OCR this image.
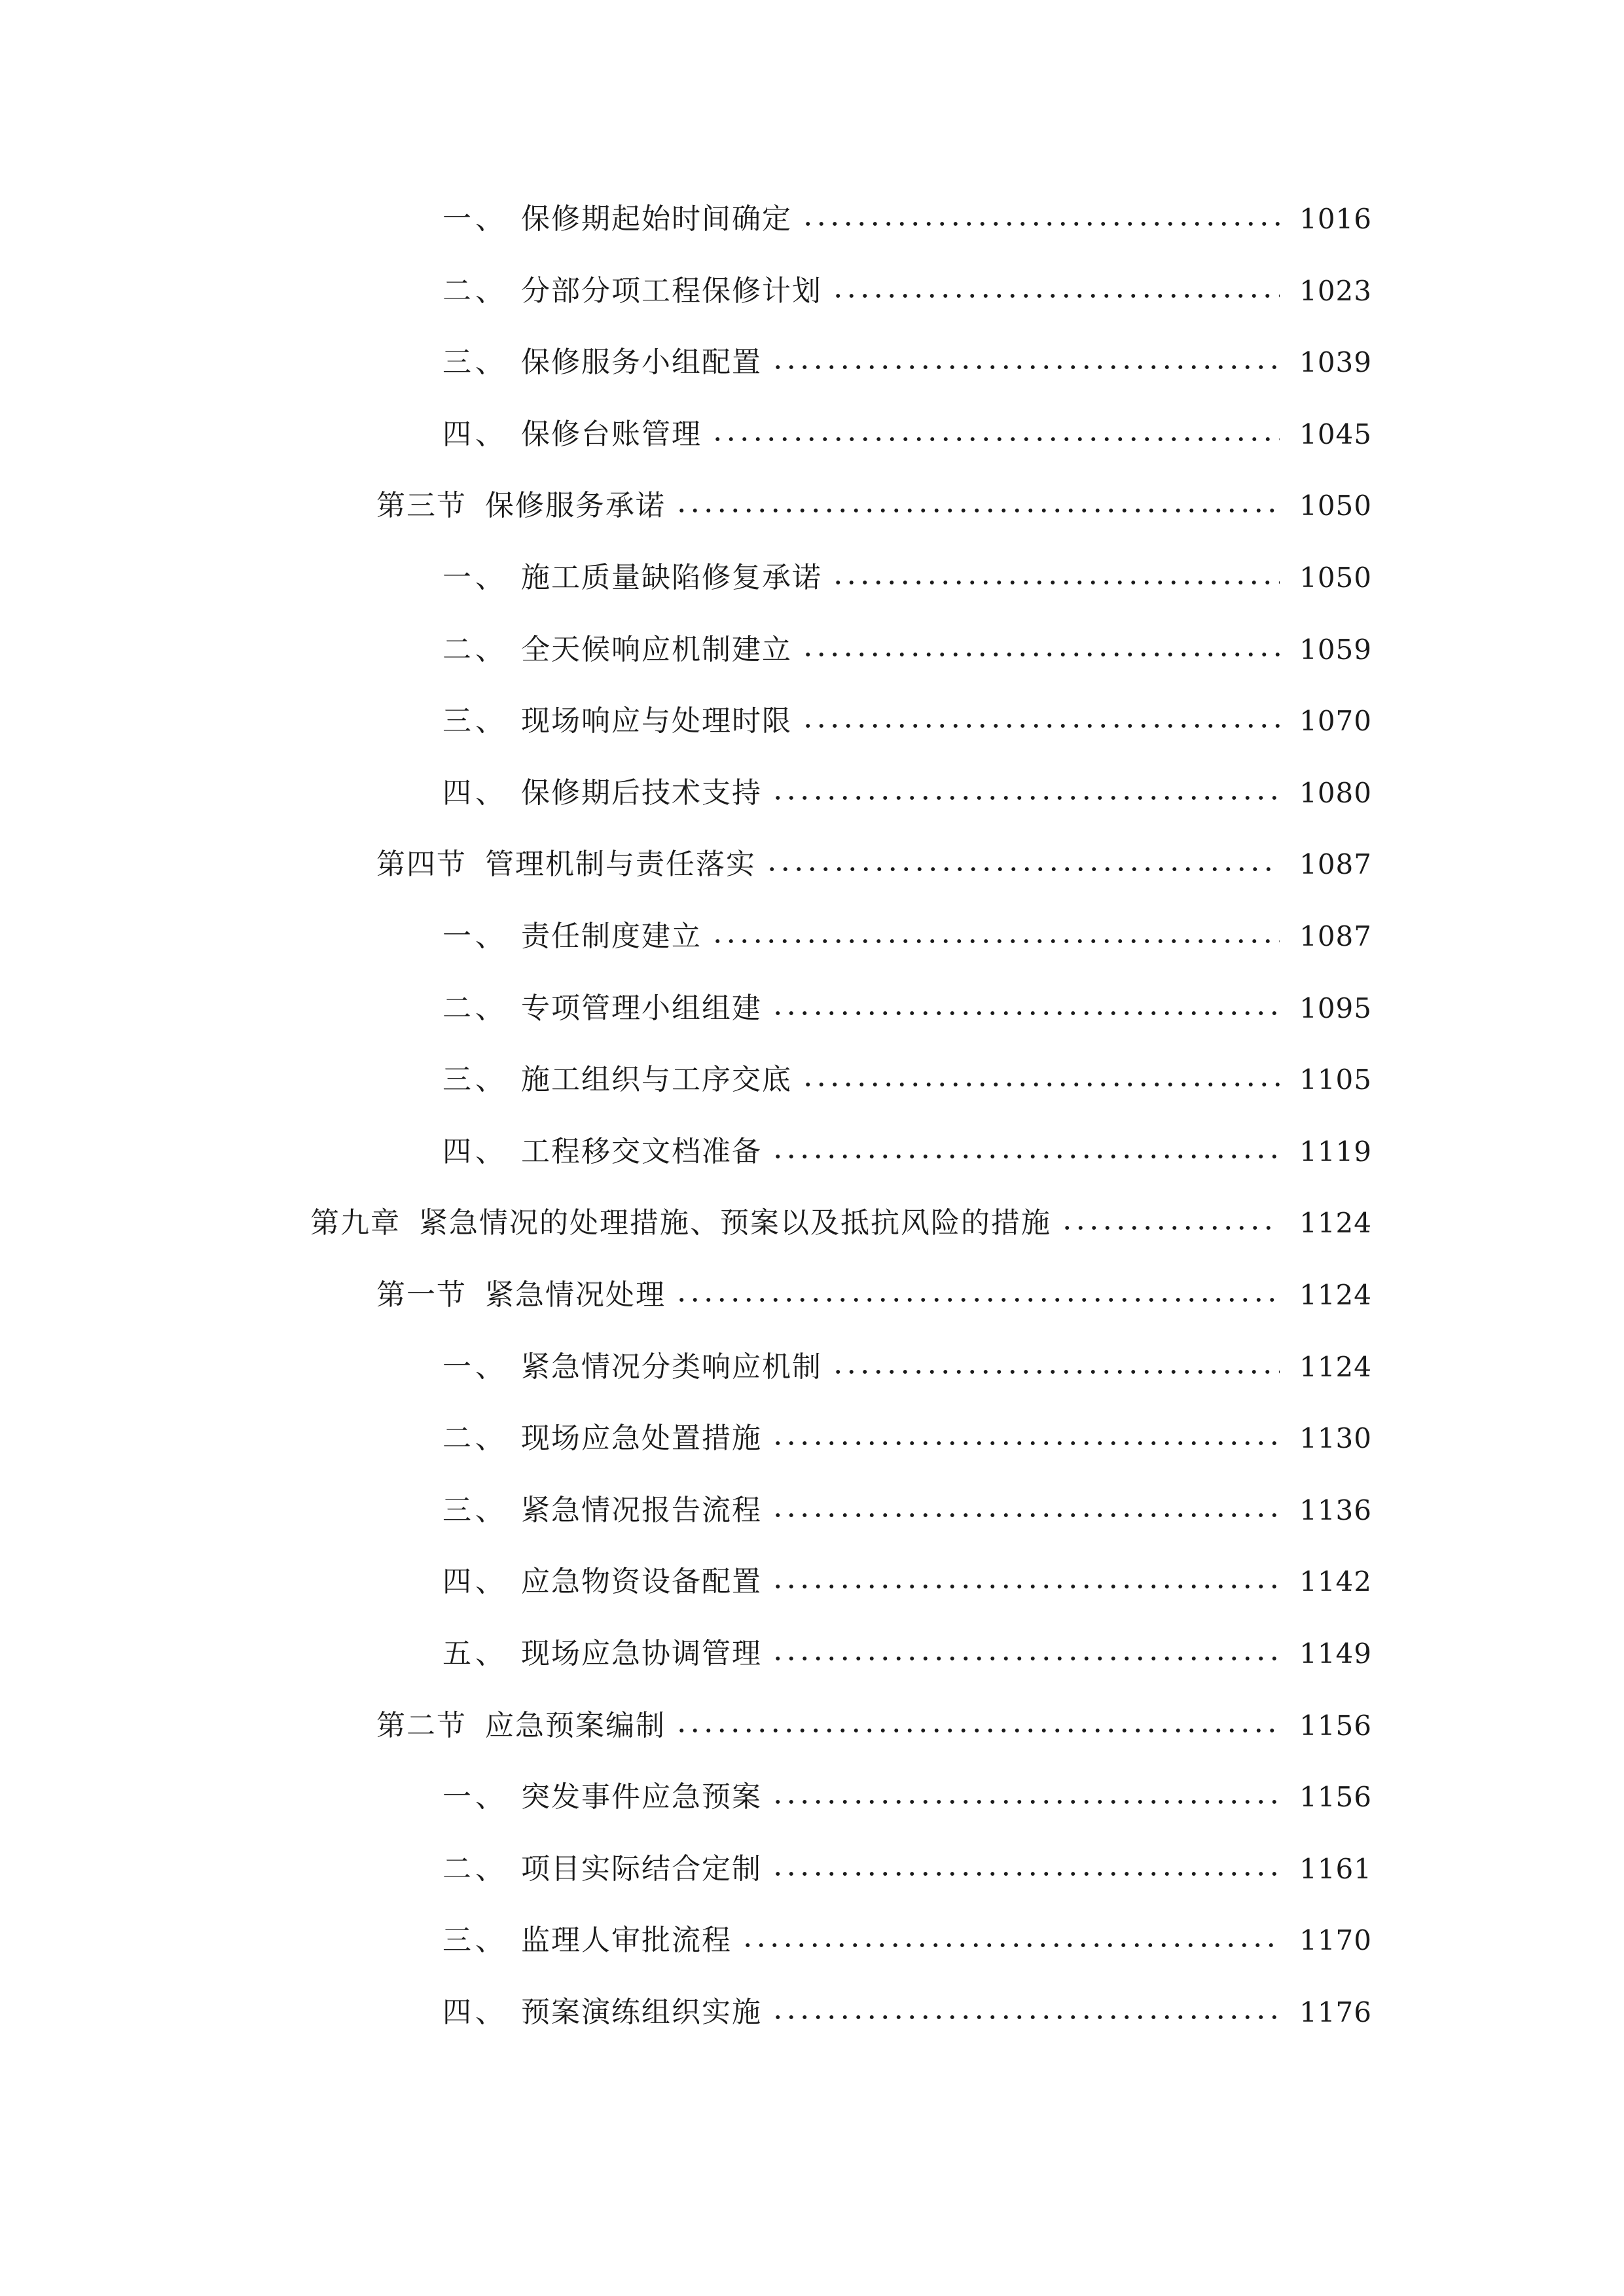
一、 保修期起始时间确定	1016
二、 分部分项工程保修计划	1023
三、 保修服务小组配置	1039
四、 保修台账管理	1045
第三节 保修服务承诺	1050
一、 施工质量缺陷修复承诺	1050
二、 全天候响应机制建立	1059
三、 现场响应与处理时限	1070
四、 保修期后技术支持	1080
第四节 管理机制与责任落实	1087
一、 责任制度建立	1087
二、 专项管理小组组建	1095
三、 施工组织与工序交底	1105
四、 工程移交文档准备	1119
第九章 紧急情况的处理措施、预案以及抵抗风险的措施	1124
第一节 紧急情况处理	1124
一、 紧急情况分类响应机制	1124
二、 现场应急处置措施	1130
三、 紧急情况报告流程	1136
四、 应急物资设备配置	1142
五、 现场应急协调管理	1149
第二节 应急预案编制	1156
一、 突发事件应急预案	1156
二、 项目实际结合定制	1161
三、 监理人审批流程	1170
四、 预案演练组织实施	1176
